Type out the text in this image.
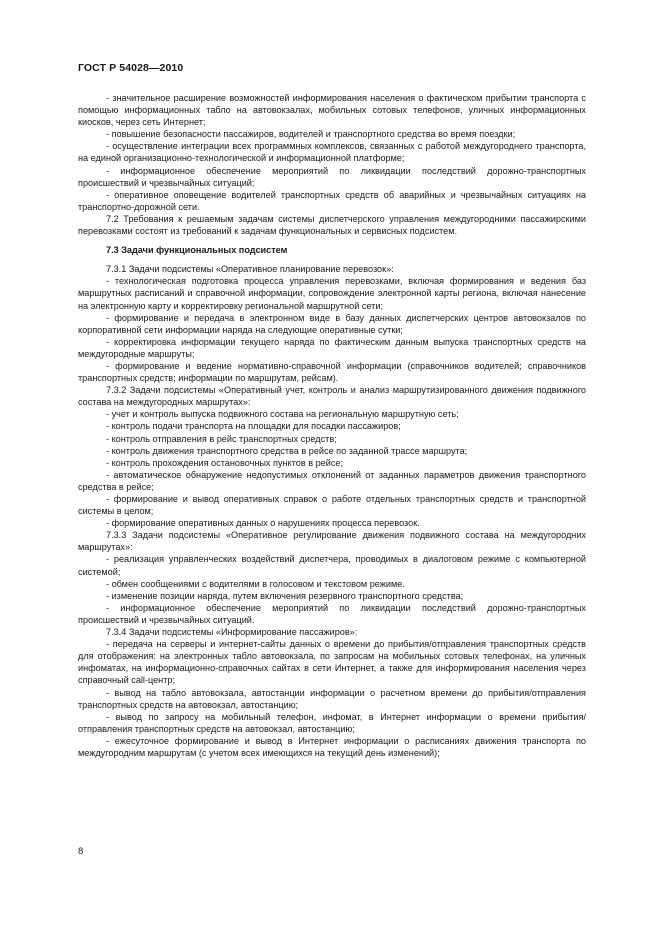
ГОСТ Р 54028—2010

- значительное расширение возможностей информирования населения о фактическом прибытии транспорта с помощью информационных табло на автовокзалах, мобильных сотовых телефонов, уличных информационных киосков, через сеть Интернет;

- повышение безопасности пассажиров, водителей и транспортного средства во время поездки;

- осуществление интеграции всех программных комплексов, связанных с работой междугороднего транспорта, на единой организационно-технологической и информационной платформе;

- информационное обеспечение мероприятий по ликвидации последствий дорожно-транспортных происшествий и чрезвычайных ситуаций;

- оперативное оповещение водителей транспортных средств об аварийных и чрезвычайных ситуациях на транспортно-дорожной сети.

7.2 Требования к решаемым задачам системы диспетчерского управления междугородними пассажирскими перевозками состоят из требований к задачам функциональных и сервисных подсистем.

7.3 Задачи функциональных подсистем

7.3.1 Задачи подсистемы «Оперативное планирование перевозок»:

- технологическая подготовка процесса управления перевозками, включая формирования и ведения баз маршрутных расписаний и справочной информации, сопровождение электронной карты региона, включая нанесение на электронную карту и корректировку региональной маршрутной сети;

- формирование и передача в электронном виде в базу данных диспетчерских центров автовокзалов по корпоративной сети информации наряда на следующие оперативные сутки;

- корректировка информации текущего наряда по фактическим данным выпуска транспортных средств на междугородные маршруты;

- формирование и ведение нормативно-справочной информации (справочников водителей; справочников транспортных средств; информации по маршрутам, рейсам).

7.3.2 Задачи подсистемы «Оперативный учет, контроль и анализ маршрутизированного движения подвижного состава на междугородных маршрутах»:

- учет и контроль выпуска подвижного состава на региональную маршрутную сеть;

- контроль подачи транспорта на площадки для посадки пассажиров;

- контроль отправления в рейс транспортных средств;

- контроль движения транспортного средства в рейсе по заданной трассе маршрута;

- контроль прохождения остановочных пунктов в рейсе;

- автоматическое обнаружение недопустимых отклонений от заданных параметров движения транспортного средства в рейсе;

- формирование и вывод оперативных справок о работе отдельных транспортных средств и транспортной системы в целом;

- формирование оперативных данных о нарушениях процесса перевозок.

7.3.3 Задачи подсистемы «Оперативное регулирование движения подвижного состава на междугородних маршрутах»:

- реализация управленческих воздействий диспетчера, проводимых в диалоговом режиме с компьютерной системой;

- обмен сообщениями с водителями в голосовом и текстовом режиме.

- изменение позиции наряда, путем включения резервного транспортного средства;

- информационное обеспечение мероприятий по ликвидации последствий дорожно-транспортных происшествий и чрезвычайных ситуаций.

7.3.4 Задачи подсистемы «Информирование пассажиров»:

- передача на серверы и интернет-сайты данных о времени до прибытия/отправления транспортных средств для отображения: на электронных табло автовокзала, по запросам на мобильных сотовых телефонах, на уличных инфоматах, на информационно-справочных сайтах в сети Интернет, а также для информирования населения через справочный call-центр;

- вывод на табло автовокзала, автостанции информации о расчетном времени до прибытия/отправления транспортных средств на автовокзал, автостанцию;

- вывод по запросу на мобильный телефон, инфомат, в Интернет информации о времени прибытия/отправления транспортных средств на автовокзал, автостанцию;

- ежесуточное формирование и вывод в Интернет информации о расписаниях движения транспорта по междугородним маршрутам (с учетом всех имеющихся на текущий день изменений);

8
